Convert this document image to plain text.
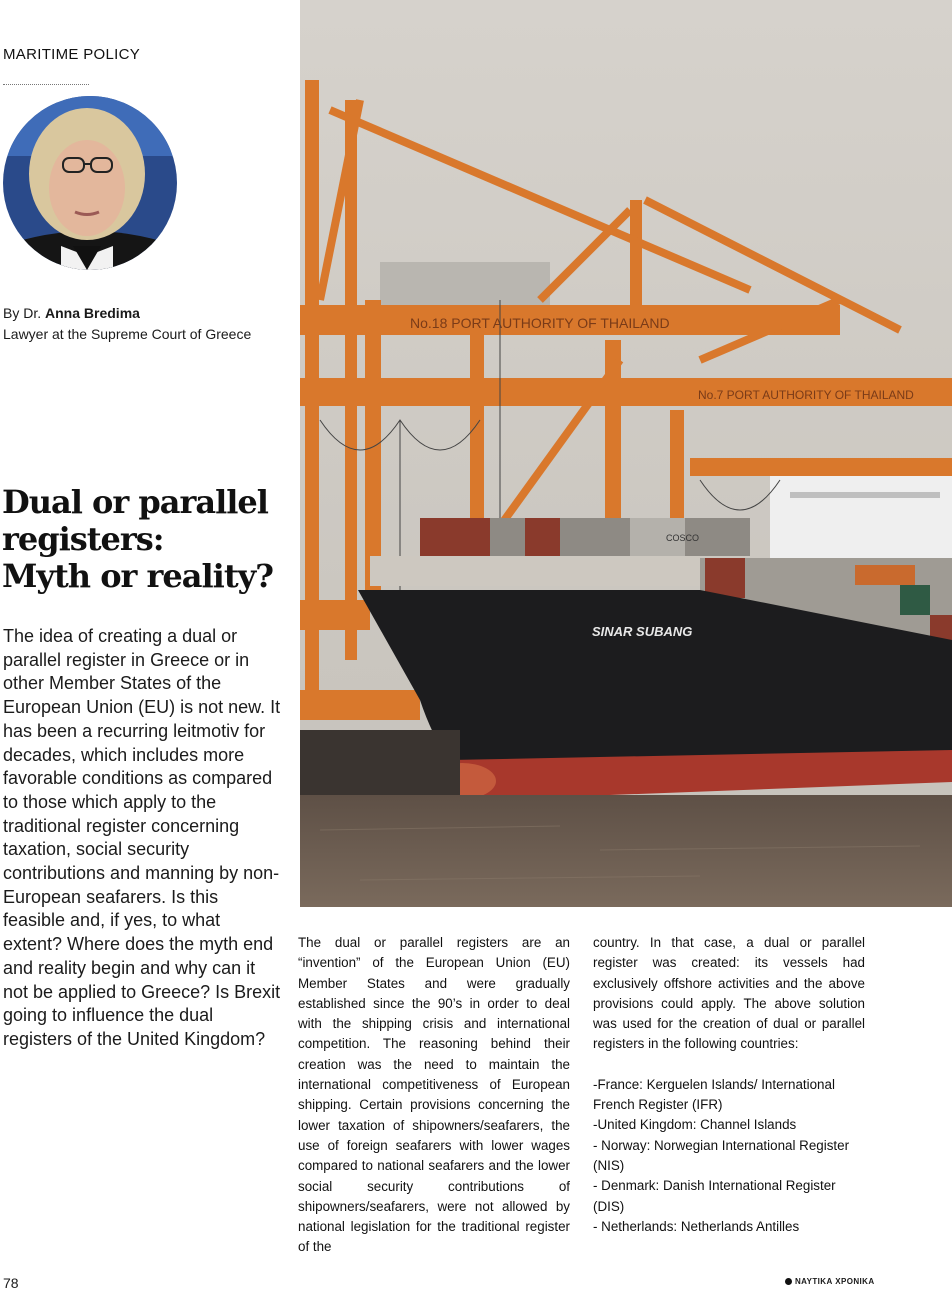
MARITIME POLICY
By Dr. Anna Bredima
Lawyer at the Supreme Court of Greece
Dual or parallel
registers:
Myth or reality?

The idea of creating a dual or parallel register in Greece or in other Member States of the European Union (EU) is not new. It has been a recurring leitmotiv for decades, which includes more favorable conditions as compared to those which apply to the traditional register concerning taxation, social security contributions and manning by non-European seafarers. Is this feasible and, if yes, to what extent? Where does the myth end and reality begin and why can it not be applied to Greece? Is Brexit going to influence the dual registers of the United Kingdom?

No.18 PORT AUTHORITY OF THAILAND
No.7 PORT AUTHORITY OF THAILAND
COSCO
SINAR SUBANG

The dual or parallel registers are an “invention” of the European Union (EU) Member States and were gradually established since the 90’s in order to deal with the shipping crisis and international competition. The reasoning behind their creation was the need to maintain the international competitiveness of European shipping. Certain provisions concerning the lower taxation of shipowners/seafarers, the use of foreign seafarers with lower wages compared to national seafarers and the lower social security contributions of shipowners/seafarers, were not allowed by national legislation for the traditional register of the

country. In that case, a dual or parallel register was created: its vessels had exclusively offshore activities and the above provisions could apply. The above solution was used for the creation of dual or parallel registers in the following countries:
-France: Kerguelen Islands/ International French Register (IFR)
-United Kingdom: Channel Islands
- Norway: Norwegian International Register (NIS)
- Denmark: Danish International Register (DIS)
- Netherlands: Netherlands Antilles
78	ΝΑΥΤΙΚΑ ΧΡΟΝΙΚΑ
